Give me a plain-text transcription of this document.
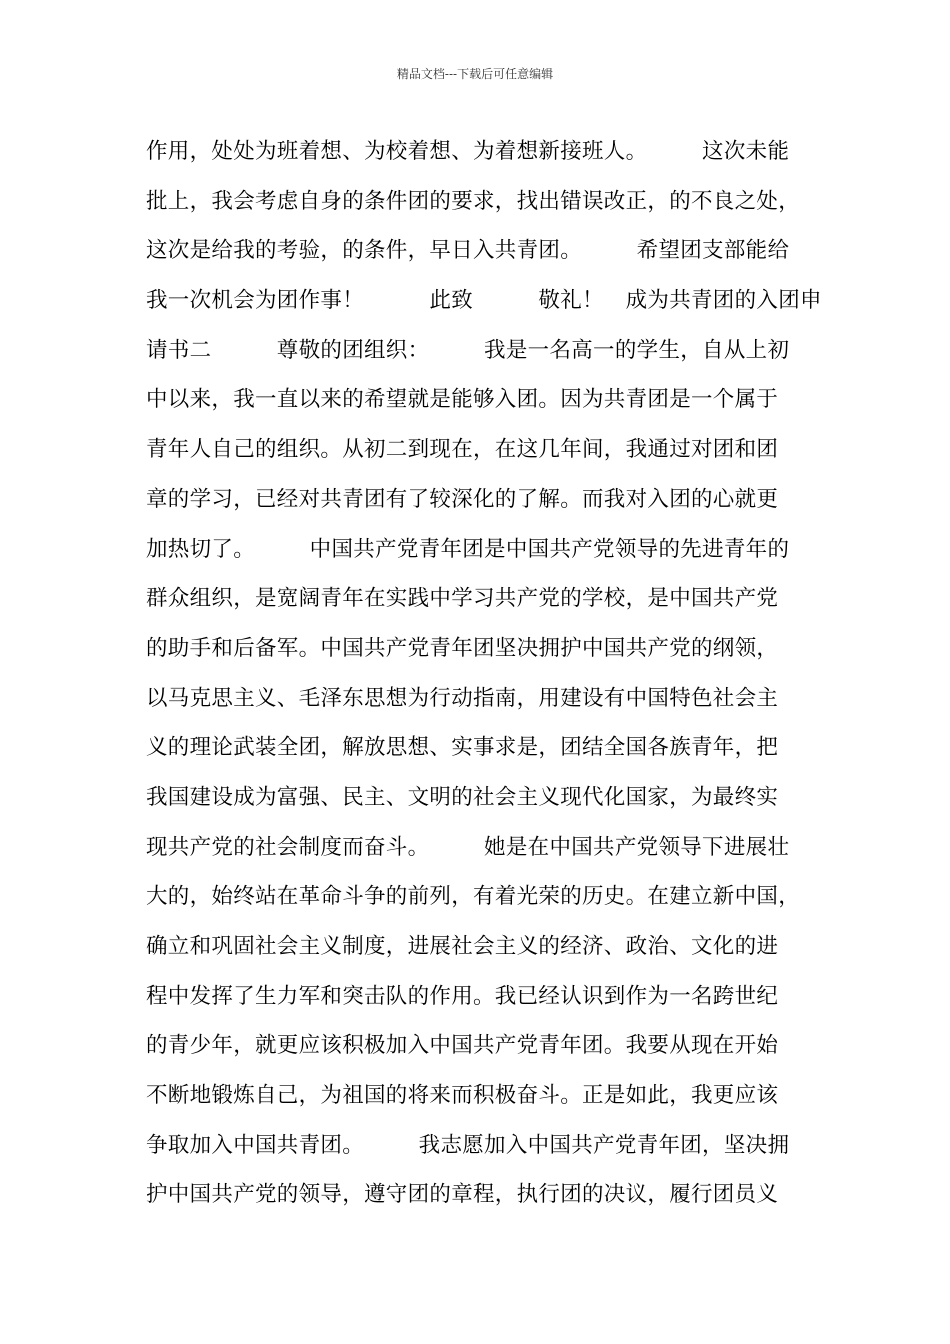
精品文档---下载后可任意编辑
作用，处处为班着想、为校着想、为着想新接班人。　　　这次未能
批上，我会考虑自身的条件团的要求，找出错误改正，的不良之处，
这次是给我的考验，的条件，早日入共青团。　　　希望团支部能给
我一次机会为团作事！　　　此致　　　敬礼！　成为共青团的入团申
请书二　　　尊敬的团组织：　　　我是一名高一的学生，自从上初
中以来，我一直以来的希望就是能够入团。因为共青团是一个属于
青年人自己的组织。从初二到现在，在这几年间，我通过对团和团
章的学习，已经对共青团有了较深化的了解。而我对入团的心就更
加热切了。　　　中国共产党青年团是中国共产党领导的先进青年的
群众组织，是宽阔青年在实践中学习共产党的学校，是中国共产党
的助手和后备军。中国共产党青年团坚决拥护中国共产党的纲领，
以马克思主义、毛泽东思想为行动指南，用建设有中国特色社会主
义的理论武装全团，解放思想、实事求是，团结全国各族青年，把
我国建设成为富强、民主、文明的社会主义现代化国家，为最终实
现共产党的社会制度而奋斗。　　　她是在中国共产党领导下进展壮
大的，始终站在革命斗争的前列，有着光荣的历史。在建立新中国，
确立和巩固社会主义制度，进展社会主义的经济、政治、文化的进
程中发挥了生力军和突击队的作用。我已经认识到作为一名跨世纪
的青少年，就更应该积极加入中国共产党青年团。我要从现在开始
不断地锻炼自己，为祖国的将来而积极奋斗。正是如此，我更应该
争取加入中国共青团。　　　我志愿加入中国共产党青年团，坚决拥
护中国共产党的领导，遵守团的章程，执行团的决议，履行团员义
